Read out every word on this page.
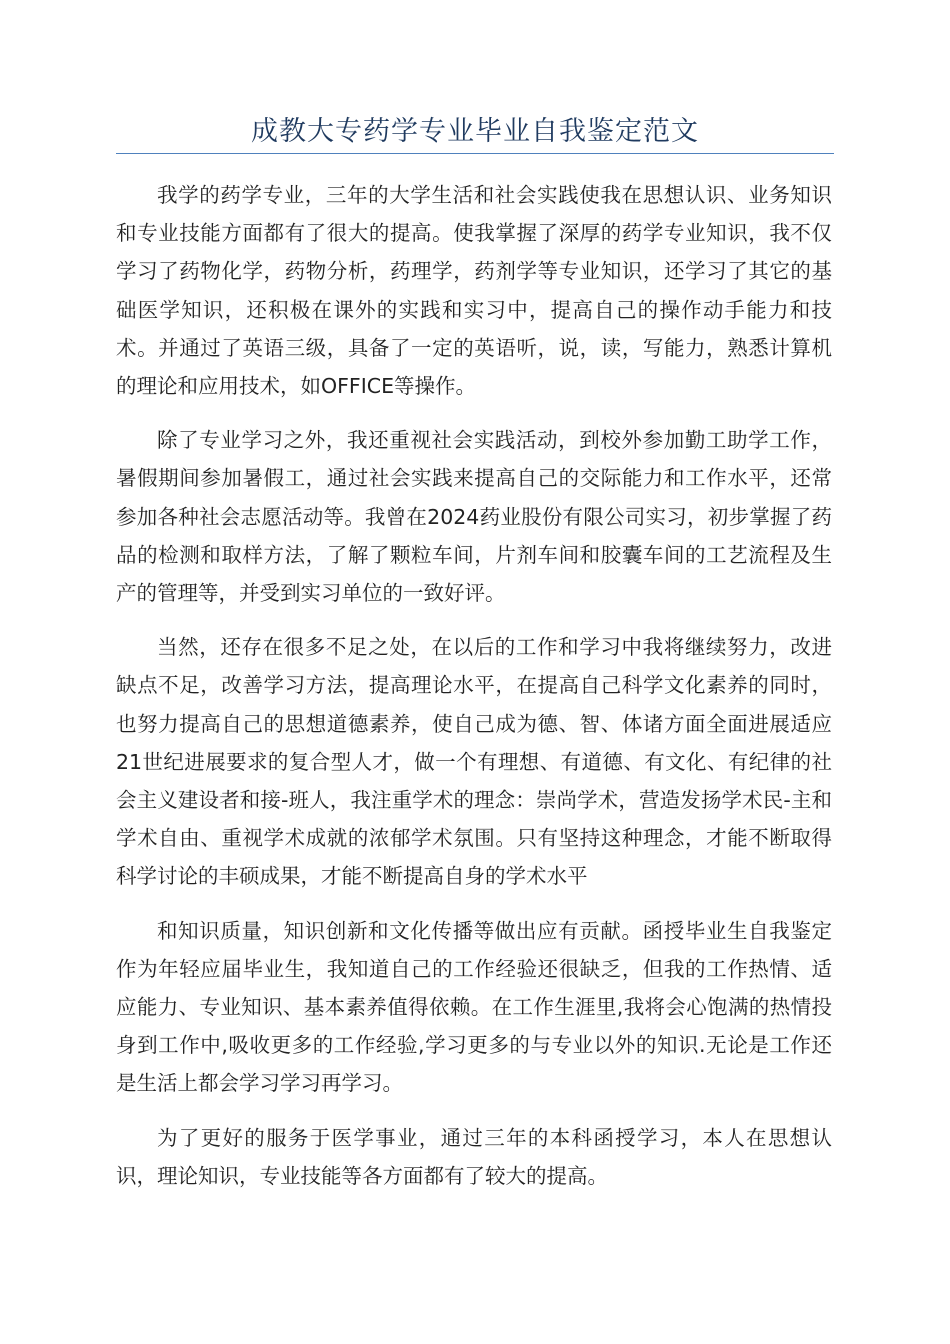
成教大专药学专业毕业自我鉴定范文

我学的药学专业，三年的大学生活和社会实践使我在思想认识、业务知识和专业技能方面都有了很大的提高。使我掌握了深厚的药学专业知识，我不仅学习了药物化学，药物分析，药理学，药剂学等专业知识，还学习了其它的基础医学知识，还积极在课外的实践和实习中，提高自己的操作动手能力和技术。并通过了英语三级，具备了一定的英语听，说，读，写能力，熟悉计算机的理论和应用技术，如OFFICE等操作。

除了专业学习之外，我还重视社会实践活动，到校外参加勤工助学工作，暑假期间参加暑假工，通过社会实践来提高自己的交际能力和工作水平，还常参加各种社会志愿活动等。我曾在2024药业股份有限公司实习，初步掌握了药品的检测和取样方法，了解了颗粒车间，片剂车间和胶囊车间的工艺流程及生产的管理等，并受到实习单位的一致好评。

当然，还存在很多不足之处，在以后的工作和学习中我将继续努力，改进缺点不足，改善学习方法，提高理论水平，在提高自己科学文化素养的同时，也努力提高自己的思想道德素养，使自己成为德、智、体诸方面全面进展适应21世纪进展要求的复合型人才，做一个有理想、有道德、有文化、有纪律的社会主义建设者和接-班人，我注重学术的理念：崇尚学术，营造发扬学术民-主和学术自由、重视学术成就的浓郁学术氛围。只有坚持这种理念，才能不断取得科学讨论的丰硕成果，才能不断提高自身的学术水平

和知识质量，知识创新和文化传播等做出应有贡献。函授毕业生自我鉴定作为年轻应届毕业生，我知道自己的工作经验还很缺乏，但我的工作热情、适应能力、专业知识、基本素养值得依赖。在工作生涯里,我将会心饱满的热情投身到工作中,吸收更多的工作经验,学习更多的与专业以外的知识.无论是工作还是生活上都会学习学习再学习。

为了更好的服务于医学事业，通过三年的本科函授学习，本人在思想认识，理论知识，专业技能等各方面都有了较大的提高。
